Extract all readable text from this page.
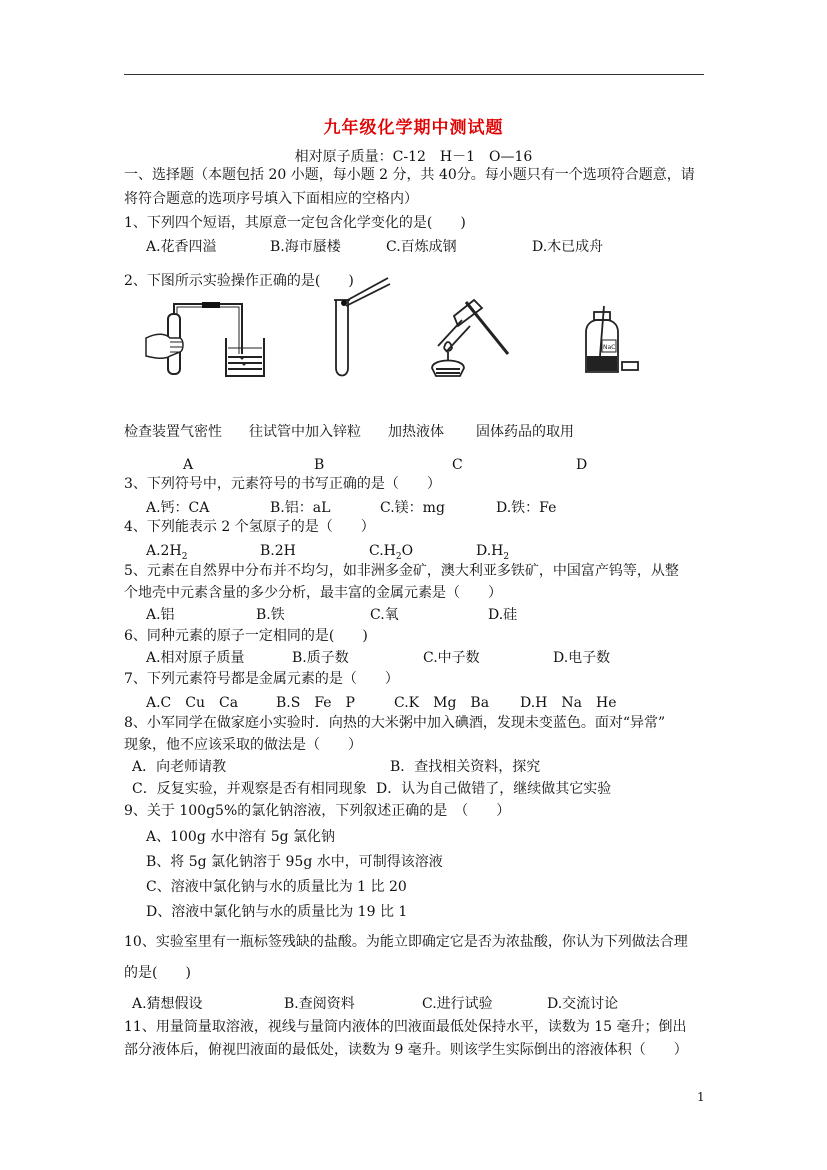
九年级化学期中测试题
相对原子质量：C-12　H－1　O—16
一、选择题（本题包括 20 小题，每小题 2 分，共 40分。每小题只有一个选项符合题意，请
将符合题意的选项序号填入下面相应的空格内）
1、下列四个短语，其原意一定包含化学变化的是(　　)
A.花香四溢	B.海市蜃楼	C.百炼成钢	D.木已成舟
2、下图所示实验操作正确的是(　　)
NaCl
检查装置气密性 往试管中加入锌粒 加热液体 固体药品的取用
A	B	C	D
3、下列符号中，元素符号的书写正确的是（　　）
A.钙：CA	B.铝：aL	C.镁：mg	D.铁：Fe
4、下列能表示 2 个氢原子的是（　　）
$A.2H_2$	B.2H	$C.H_2O$	$D.H_2$
5、元素在自然界中分布并不均匀，如非洲多金矿，澳大利亚多铁矿，中国富产钨等，从整
个地壳中元素含量的多少分析，最丰富的金属元素是（　　）
A.铝	B.铁	C.氧	D.硅
6、同种元素的原子一定相同的是(　　)
A.相对原子质量	B.质子数	C.中子数	D.电子数
7、下列元素符号都是金属元素的是（　　）
A.C　Cu　Ca	B.S　Fe　P	C.K　Mg　Ba D.H　Na　He
8、小军同学在做家庭小实验时．向热的大米粥中加入碘酒，发现未变蓝色。面对“异常”
现象，他不应该采取的做法是（　　）
A．向老师请教	B．查找相关资料，探究
C．反复实验，并观察是否有相同现象 D．认为自己做错了，继续做其它实验
9、关于 100g5%的氯化钠溶液，下列叙述正确的是　（　　）
A、100g 水中溶有 5g 氯化钠
B、将 5g 氯化钠溶于 95g 水中，可制得该溶液
C、溶液中氯化钠与水的质量比为 1 比 20
D、溶液中氯化钠与水的质量比为 19 比 1
10、实验室里有一瓶标签残缺的盐酸。为能立即确定它是否为浓盐酸，你认为下列做法合理
的是(　　)
A.猜想假设	B.查阅资料	C.进行试验	D.交流讨论
11、用量筒量取溶液，视线与量筒内液体的凹液面最低处保持水平，读数为 15 毫升；倒出
部分液体后，俯视凹液面的最低处，读数为 9 毫升。则该学生实际倒出的溶液体积（　　）
1
